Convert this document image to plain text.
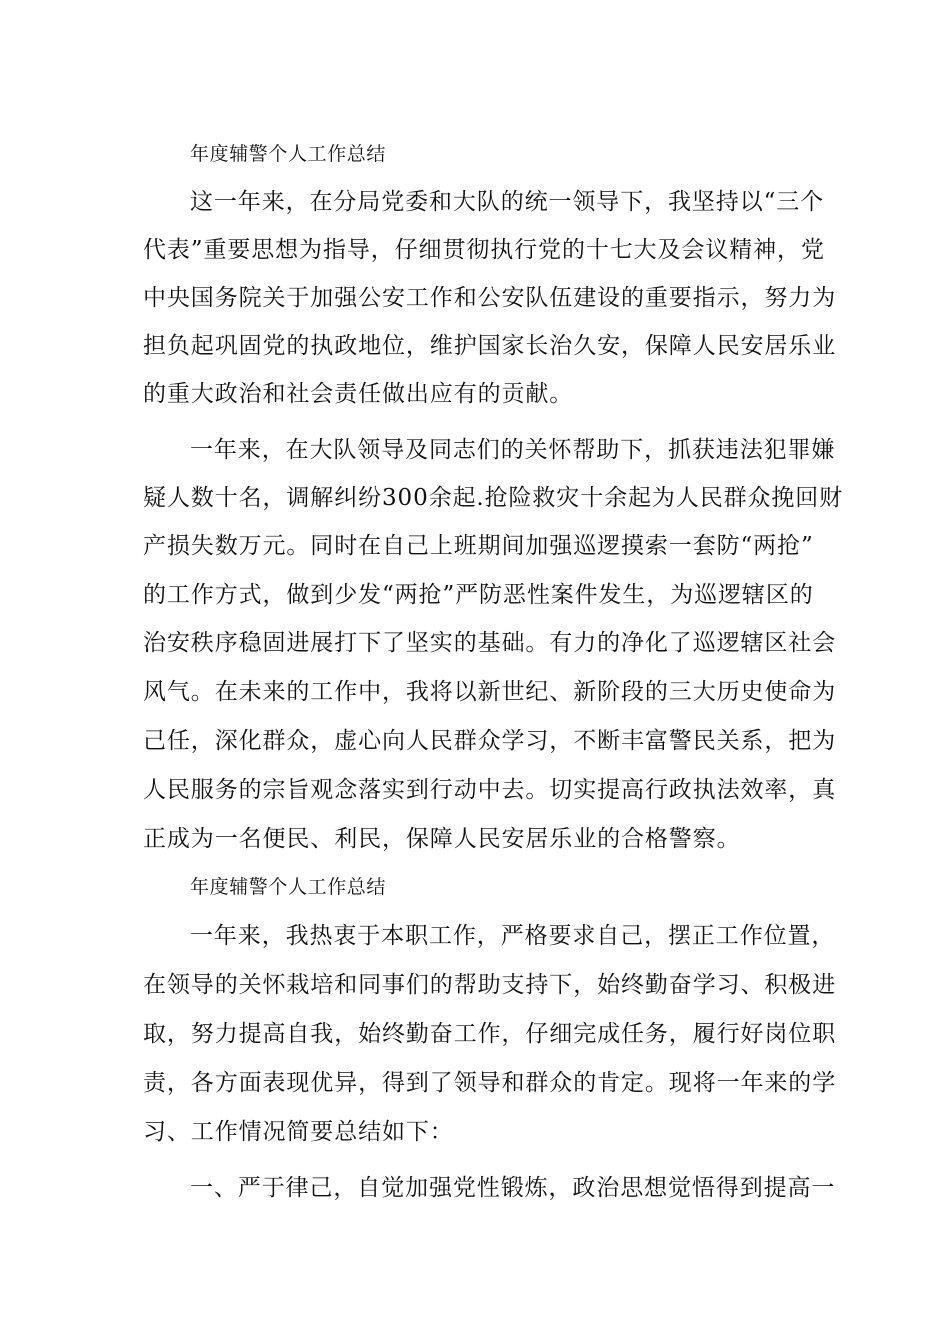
年度辅警个人工作总结
这一年来，在分局党委和大队的统一领导下，我坚持以“三个
代表”重要思想为指导，仔细贯彻执行党的十七大及会议精神，党
中央国务院关于加强公安工作和公安队伍建设的重要指示，努力为
担负起巩固党的执政地位，维护国家长治久安，保障人民安居乐业
的重大政治和社会责任做出应有的贡献。
一年来，在大队领导及同志们的关怀帮助下，抓获违法犯罪嫌
疑人数十名，调解纠纷300余起.抢险救灾十余起为人民群众挽回财
产损失数万元。同时在自己上班期间加强巡逻摸索一套防“两抢”
的工作方式，做到少发“两抢”严防恶性案件发生，为巡逻辖区的
治安秩序稳固进展打下了坚实的基础。有力的净化了巡逻辖区社会
风气。在未来的工作中，我将以新世纪、新阶段的三大历史使命为
己任，深化群众，虚心向人民群众学习，不断丰富警民关系，把为
人民服务的宗旨观念落实到行动中去。切实提高行政执法效率，真
正成为一名便民、利民，保障人民安居乐业的合格警察。
年度辅警个人工作总结
一年来，我热衷于本职工作，严格要求自己，摆正工作位置，
在领导的关怀栽培和同事们的帮助支持下，始终勤奋学习、积极进
取，努力提高自我，始终勤奋工作，仔细完成任务，履行好岗位职
责，各方面表现优异，得到了领导和群众的肯定。现将一年来的学
习、工作情况简要总结如下：
一、严于律己，自觉加强党性锻炼，政治思想觉悟得到提高一
